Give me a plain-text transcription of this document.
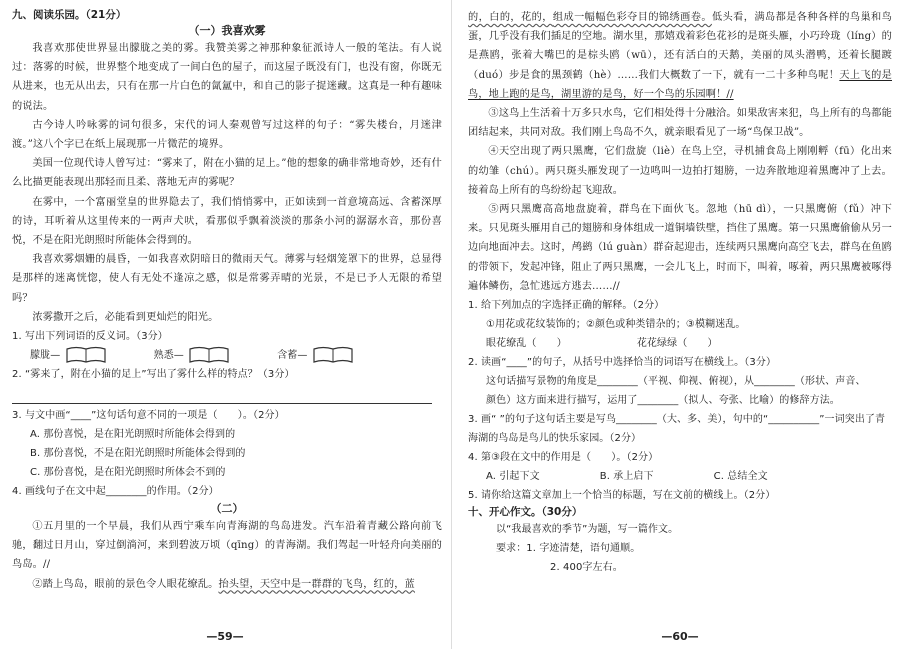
九、阅读乐园。（21分）
（一）我喜欢雾
我喜欢那使世界显出朦胧之美的雾。我赞美雾之神那种象征派诗人一般的笔法。有人说过：落雾的时候，世界整个地变成了一间白色的屋子，而这屋子既没有门，也没有窗，你既无从进来，也无从出去，只有在那一片白色的氤氲中，和自己的影子捉迷藏。这真是一种有趣味的说法。
古今诗人吟咏雾的词句很多，宋代的词人秦观曾写过这样的句子：“雾失楼台，月迷津渡。”这八个字已在纸上展现那一片微茫的境界。
美国一位现代诗人曾写过：“雾来了，附在小猫的足上。”他的想象的确非常地奇妙，还有什么比描更能表现出那轻而且柔、落地无声的雾呢？
在雾中，一个富丽堂皇的世界隐去了，我们悄悄雾中，正如读到一首意境高远、含蓄深厚的诗，耳听着从这里传来的一两声犬吠，看那似乎飘着淡淡的那条小河的潺潺水音，那份喜悦，不是在阳光朗照时所能体会得到的。
我喜欢雾烟姗的晨昏，一如我喜欢阴暗日的微雨天气。薄雾与轻烟笼罩下的世界，总显得是那样的迷离恍惚，使人有无处不逢凉之感，似是常雾弄晴的光景，不是已予人无限的希望吗？
浓雾撒开之后，必能看到更灿烂的阳光。
1. 写出下列词语的反义词。（3分）
朦胧—	熟悉—	含蓄—
2. “雾来了，附在小猫的足上”写出了雾什么样的特点？（3分）
3. 与文中画“____”这句话句意不同的一项是（　　）。（2分）
A. 那份喜悦，是在阳光朗照时所能体会得到的
B. 那份喜悦，不是在阳光朗照时所能体会得到的
C. 那份喜悦，是在阳光朗照时所体会不到的
4. 画线句子在文中起________的作用。（2分）
（二）
①五月里的一个早晨，我们从西宁乘车向青海湖的鸟岛进发。汽车沿着青藏公路向前飞驰，翻过日月山，穿过倒淌河，来到碧波万顷（qīng）的青海湖。我们驾起一叶轻舟向美丽的鸟岛。//
②踏上鸟岛，眼前的景色令人眼花缭乱。抬头望，天空中是一群群的飞鸟，红的，蓝
—59—
的，白的，花的，组成一幅幅色彩夺目的锦绣画卷。低头看，满岛都是各种各样的鸟巢和鸟蛋，几乎没有我们插足的空地。湖水里，那嬉戏着彩色花衫的是斑头雁，小巧玲珑（líng）的是燕鸥，张着大嘴巴的是棕头鸥（wū），还有活白的天鹅，美丽的凤头潜鸭，还着长腿踱（duó）步是食的黑颈鹤（hè）……我们大概数了一下，就有一二十多种鸟呢！天上飞的是鸟，地上跑的是鸟，湖里游的是鸟，好一个鸟的乐园啊！//
③这鸟上生活着十万多只水鸟，它们相处得十分融洽。如果敌害来犯，鸟上所有的鸟都能团结起来，共同对敌。我们刚上鸟岛不久，就亲眼看见了一场“鸟保卫战”。
④天空出现了两只黑鹰，它们盘旋（liè）在鸟上空，寻机捕食岛上刚刚孵（fū）化出来的幼雏（chú）。两只斑头雁发现了一边鸣叫一边拍打翅膀，一边奔散地迎着黑鹰冲了上去。接着岛上所有的鸟纷纷起飞迎敌。
⑤两只黑鹰高高地盘旋着，群鸟在下面伙飞。忽地（hū dì），一只黑鹰俯（fǔ）冲下来。只见斑头雁用自己的翅膀和身体组成一道铜墙铁壁，挡住了黑鹰。第一只黑鹰偷偷从另一边向地面冲去。这时，鸬鹚（lú guàn）群奋起迎击，连续两只黑鹰向高空飞去，群鸟在鱼鸥的带领下，发起冲锋，阻止了两只黑鹰，一会儿飞上，时而下，叫着，啄着，两只黑鹰被啄得遍体鳞伤，急忙逃远方逃去……//
1. 给下列加点的字选择正确的解释。（2分）
①用花或花纹装饰的；②颜色或种类错杂的；③模糊迷乱。
眼花缭乱（　　）	花花绿绿（　　）
2. 读画“____”的句子，从括号中选择恰当的词语写在横线上。（3分）
这句话描写景物的角度是________（平视、仰视、俯视），从________（形状、声音、
颜色）这方面来进行描写，运用了________（拟人、夸张、比喻）的修辞方法。
3. 画“ ”的句子这句话主要是写鸟________（大、多、美），句中的“__________”一词突出了青海湖的鸟岛是鸟儿的快乐家园。（2分）
4. 第③段在文中的作用是（　　）。（2分）
A. 引起下文	B. 承上启下	C. 总结全文
5. 请你给这篇文章加上一个恰当的标题，写在文前的横线上。（2分）
十、开心作文。（30分）
以“我最喜欢的季节”为题，写一篇作文。
要求：1. 字迹清楚，语句通顺。
2. 400字左右。
—60—
